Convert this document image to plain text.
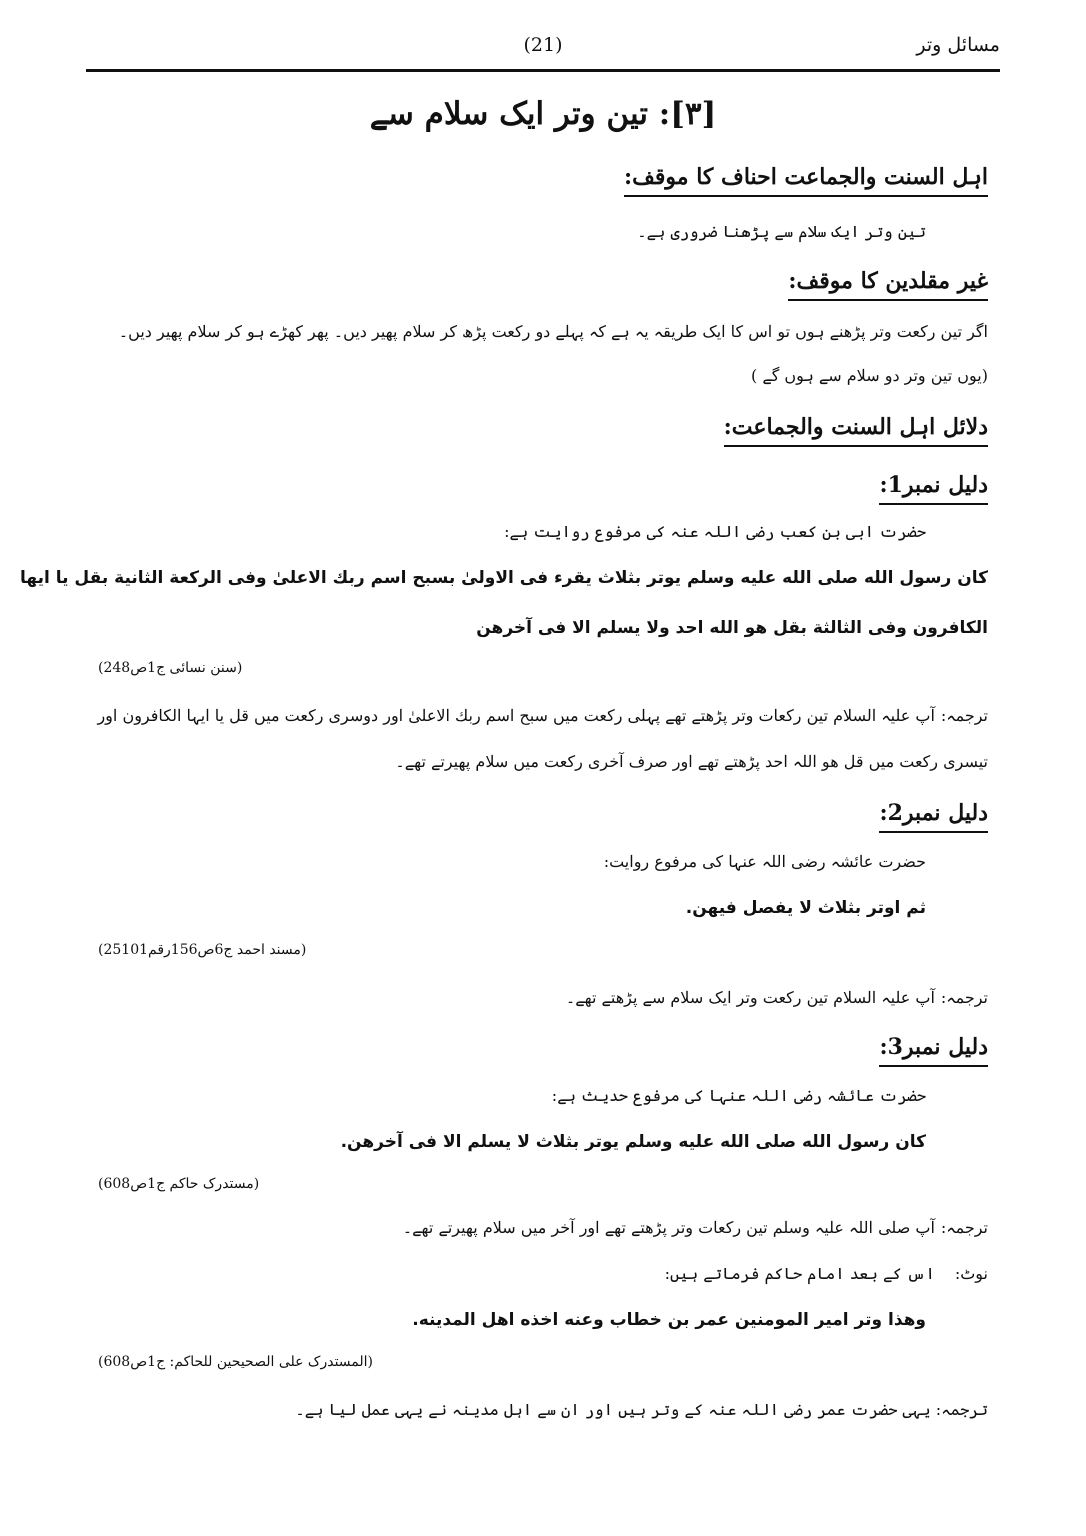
مسائل وتر
(21)
[۳]: تین وتر ایک سلام سے
اہل السنت والجماعت احناف کا موقف:
تین وتر ایک سلام سے پڑھنا ضروری ہے۔
غیر مقلدین کا موقف:
اگر تین رکعت وتر پڑھنے ہوں تو اس کا ایک طریقہ یہ ہے کہ پہلے دو رکعت پڑھ کر سلام پھیر دیں۔ پھر کھڑے ہو کر سلام پھیر دیں۔
(یوں تین وتر دو سلام سے ہوں گے )
دلائل اہل السنت والجماعت:
دلیل نمبر1:
حضرت ابی بن کعب رضی اللہ عنہ کی مرفوع روایت ہے:
كان رسول الله صلى الله عليه وسلم يوتر بثلاث يقرء فى الاولىٰ بسبح اسم ربك الاعلىٰ وفى الركعة الثانية بقل يا ايها
الكافرون وفى الثالثة بقل هو الله احد ولا يسلم الا فى آخرهن
(سنن نسائی ج1ص248)
ترجمہ: آپ علیہ السلام تین رکعات وتر پڑھتے تھے پہلی رکعت میں سبح اسم ربك الاعلىٰ اور دوسری رکعت میں قل یا ایہا الکافرون اور
تیسری رکعت میں قل ھو اللہ احد پڑھتے تھے اور صرف آخری رکعت میں سلام پھیرتے تھے۔
دلیل نمبر2:
حضرت عائشہ رضی اللہ عنہا کی مرفوع روایت:
ثم اوتر بثلاث لا يفصل فيهن.
(مسند احمد ج6ص156رقم25101)
ترجمہ: آپ علیہ السلام تین رکعت وتر ایک سلام سے پڑھتے تھے۔
دلیل نمبر3:
حضرت عائشہ رضی اللہ عنہا کی مرفوع حدیث ہے:
كان رسول الله صلى الله عليه وسلم يوتر بثلاث لا يسلم الا فى آخرهن.
(مستدرک حاکم ج1ص608)
ترجمہ: آپ صلی اللہ علیہ وسلم تین رکعات وتر پڑھتے تھے اور آخر میں سلام پھیرتے تھے۔
نوٹ: اس کے بعد امام حاکم فرماتے ہیں:
وهذا وتر امير المومنين عمر بن خطاب وعنه اخذه اهل المدينه.
(المستدرک علی الصحیحین للحاکم: ج1ص608)
ترجمہ: یہی حضرت عمر رضی اللہ عنہ کے وتر ہیں اور ان سے اہل مدینہ نے یہی عمل لیا ہے۔
